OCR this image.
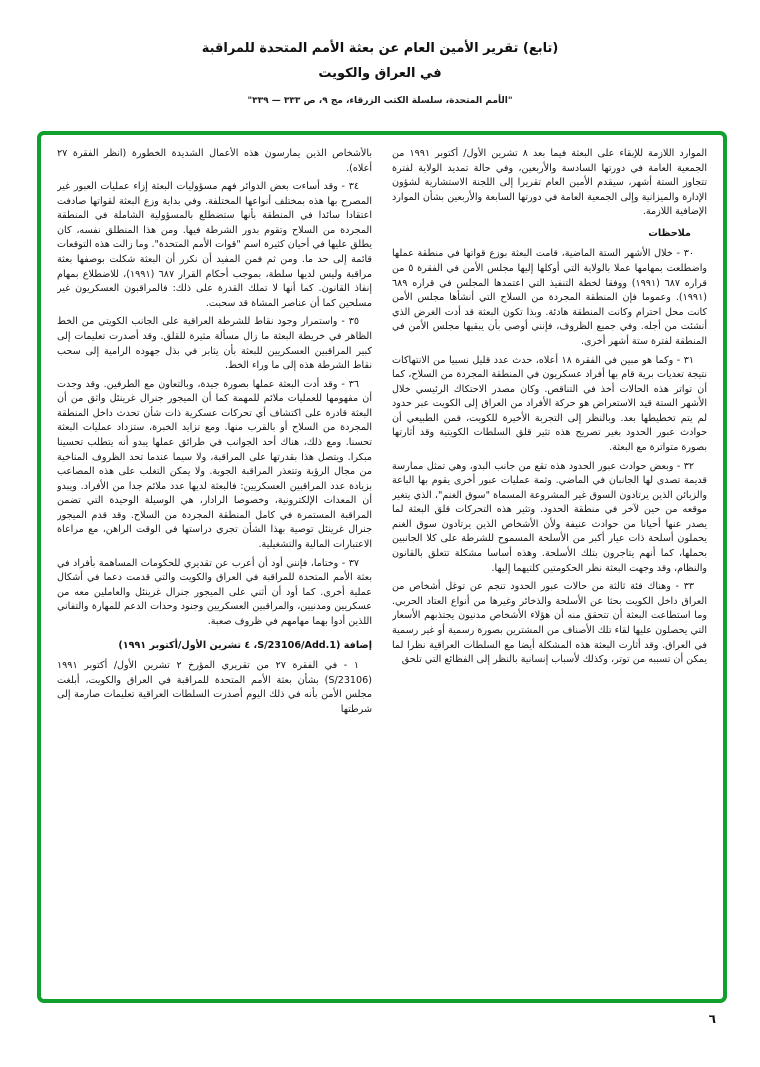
(تابع) تقرير الأمين العام عن بعثة الأمم المتحدة للمراقبة
في العراق والكويت
"الأمم المتحدة، سلسلة الكتب الزرقاء، مج ٩، ص ٣٣٣ — ٣٣٩"

الموارد اللازمة للإبقاء على البعثة فيما بعد ٨ تشرين الأول/ أكتوبر ١٩٩١ من الجمعية العامة في دورتها السادسة والأربعين، وفي حالة تمديد الولاية لفترة تتجاوز الستة أشهر، سيقدم الأمين العام تقريرا إلى اللجنة الاستشارية لشؤون الإدارة والميزانية وإلى الجمعية العامة في دورتها السابعة والأربعين بشأن الموارد الإضافية اللازمة.

ملاحظات

٣٠ - خلال الأشهر الستة الماضية، قامت البعثة بوزع قواتها في منطقة عملها واضطلعت بمهامها عملا بالولاية التي أوكلها إليها مجلس الأمن في الفقرة ٥ من قراره ٦٨٧ (١٩٩١) ووفقا لخطة التنفيذ التي اعتمدها المجلس في قراره ٦٨٩ (١٩٩١). وعموما فإن المنطقة المجردة من السلاح التي أنشأها مجلس الأمن كانت محل احترام وكانت المنطقة هادئة. وبذا تكون البعثة قد أدت الغرض الذي أنشئت من أجله. وفي جميع الظروف، فإنني أوصي بأن يبقيها مجلس الأمن في المنطقة لفترة ستة أشهر أخرى.

٣١ - وكما هو مبين في الفقرة ١٨ أعلاه، حدث عدد قليل نسبيا من الانتهاكات نتيجة تعديات برية قام بها أفراد عسكريون في المنطقة المجردة من السلاح، كما أن تواتر هذه الحالات أخذ في التناقص. وكان مصدر الاحتكاك الرئيسي خلال الأشهر الستة قيد الاستعراض هو حركة الأفراد من العراق إلى الكويت عبر حدود لم يتم تخطيطها بعد. وبالنظر إلى التجربة الأخيرة للكويت، فمن الطبيعي أن حوادث عبور الحدود بغير تصريح هذه تثير قلق السلطات الكويتية وقد أثارتها بصورة متواترة مع البعثة.

٣٢ - وبعض حوادث عبور الحدود هذه تقع من جانب البدو، وهي تمثل ممارسة قديمة تصدى لها الجانبان في الماضي. وثمة عمليات عبور أخرى يقوم بها الباعة والزبائن الذين يرتادون السوق غير المشروعة المسماة "سوق الغنم"، الذي يتغير موقعه من حين لآخر في منطقة الحدود. وتثير هذه التحركات قلق البعثة لما يصدر عنها أحيانا من حوادث عنيفة ولأن الأشخاص الذين يرتادون سوق الغنم يحملون أسلحة ذات عيار أكبر من الأسلحة المسموح للشرطة على كلا الجانبين بحملها، كما أنهم يتاجرون بتلك الأسلحة. وهذه أساسا مشكلة تتعلق بالقانون والنظام، وقد وجهت البعثة نظر الحكومتين كلتيهما إليها.

٣٣ - وهناك فئة ثالثة من حالات عبور الحدود تنجم عن توغل أشخاص من العراق داخل الكويت بحثا عن الأسلحة والذخائر وغيرها من أنواع العتاد الحربي. وما استطاعت البعثة أن تتحقق منه أن هؤلاء الأشخاص مدنيون يجتذبهم الأسعار التي يحصلون عليها لقاء تلك الأصناف من المشترين بصورة رسمية أو غير رسمية في العراق. وقد أثارت البعثة هذه المشكلة أيضا مع السلطات العراقية نظرا لما يمكن أن تسببه من توتر، وكذلك لأسباب إنسانية بالنظر إلى الفظائع التي تلحق

بالأشخاص الذين يمارسون هذه الأعمال الشديدة الخطورة (انظر الفقرة ٢٧ أعلاه).

٣٤ - وقد أساءت بعض الدوائر فهم مسؤوليات البعثة إزاء عمليات العبور غير المصرح بها هذه بمختلف أنواعها المختلفة. وفي بداية وزع البعثة لقواتها صادفت اعتقادا سائدا في المنطقة بأنها ستضطلع بالمسؤولية الشاملة في المنطقة المجردة من السلاح وتقوم بدور الشرطة فيها. ومن هذا المنطلق نفسه، كان يطلق عليها في أحيان كثيرة اسم "قوات الأمم المتحدة". وما زالت هذه التوقعات قائمة إلى حد ما. ومن ثم فمن المفيد أن نكرر أن البعثة شكلت بوصفها بعثة مراقبة وليس لديها سلطة، بموجب أحكام القرار ٦٨٧ (١٩٩١)، للاضطلاع بمهام إنفاذ القانون. كما أنها لا تملك القدرة على ذلك: فالمراقبون العسكريون غير مسلحين كما أن عناصر المشاة قد سحبت.

٣٥ - واستمرار وجود نقاط للشرطة العراقية على الجانب الكويتي من الخط الظاهر في خريطة البعثة ما زال مسألة مثيرة للقلق. وقد أصدرت تعليمات إلى كبير المراقبين العسكريين للبعثة بأن يثابر في بذل جهوده الرامية إلى سحب نقاط الشرطة هذه إلى ما وراء الخط.

٣٦ - وقد أدت البعثة عملها بصورة جيدة، وبالتعاون مع الطرفين. وقد وجدت أن مفهومها للعمليات ملائم للمهمة كما أن الميجور جنرال غرينئل واثق من أن البعثة قادرة على اكتشاف أي تحركات عسكرية ذات شأن تحدث داخل المنطقة المجردة من السلاح أو بالقرب منها. ومع تزايد الخبرة، ستزداد عمليات البعثة تحسنا. ومع ذلك، هناك أحد الجوانب في طرائق عملها يبدو أنه يتطلب تحسينا مبكرا. ويتصل هذا بقدرتها على المراقبة، ولا سيما عندما تحد الظروف المناخية من مجال الرؤية وتتعذر المراقبة الجوية. ولا يمكن التغلب على هذه المصاعب بزيادة عدد المراقبين العسكريين: فالبعثة لديها عدد ملائم جدا من الأفراد. ويبدو أن المعدات الإلكترونية، وخصوصا الرادار، هي الوسيلة الوحيدة التي تضمن المراقبة المستمرة في كامل المنطقة المجردة من السلاح. وقد قدم الميجور جنرال غرينئل توصية بهذا الشأن تجري دراستها في الوقت الراهن، مع مراعاة الاعتبارات المالية والتشغيلية.

٣٧ - وختاما، فإنني أود أن أعرب عن تقديري للحكومات المساهمة بأفراد في بعثة الأمم المتحدة للمراقبة في العراق والكويت والتي قدمت دعما في أشكال عملية أخرى. كما أود أن أثني على الميجور جنرال غرينئل والعاملين معه من عسكريين ومدنيين، والمراقبين العسكريين وجنود وحدات الدعم للمهارة والتفاني اللذين أدوا بهما مهامهم في ظروف صعبة.

إضافة (S/23106/Add.1، ٤ تشرين الأول/أكتوبر ١٩٩١)

١ - في الفقرة ٢٧ من تقريري المؤرخ ٢ تشرين الأول/ أكتوبر ١٩٩١ (S/23106) بشأن بعثة الأمم المتحدة للمراقبة في العراق والكويت، أبلغت مجلس الأمن بأنه في ذلك اليوم أصدرت السلطات العراقية تعليمات صارمة إلى شرطتها

٦
